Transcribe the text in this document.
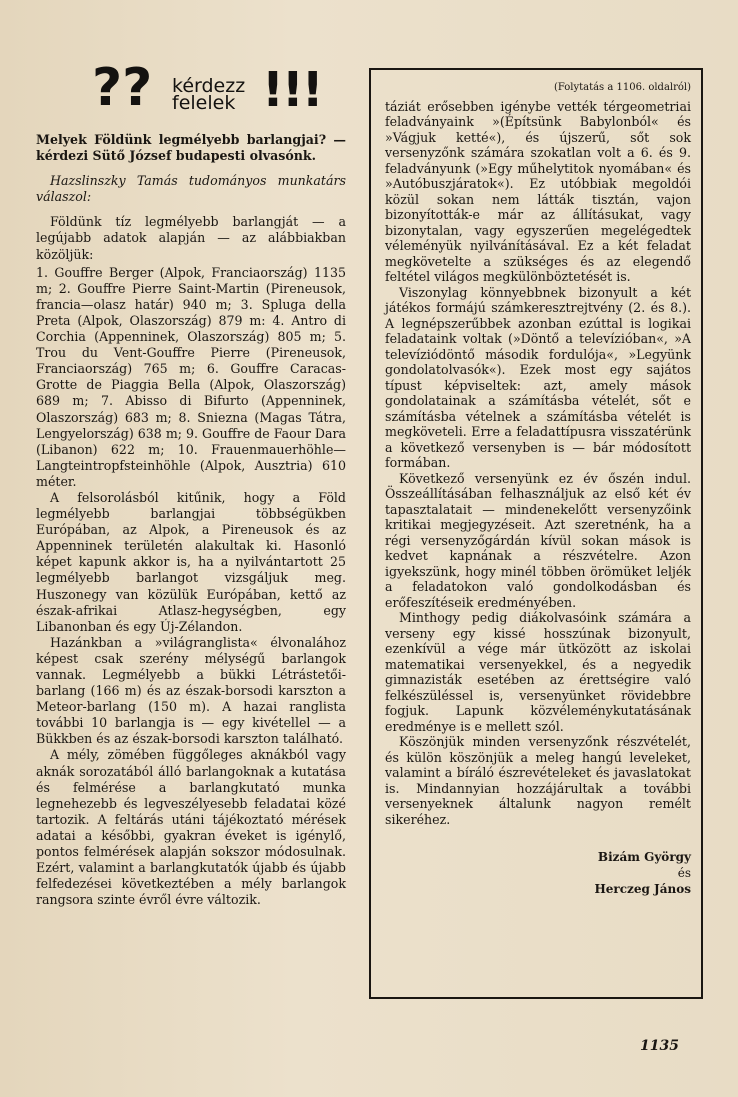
?? kérdezz
felelek !!!

Melyek Földünk legmélyebb barlangjai? — kérdezi Sütő József budapesti olvasónk.

Hazslinszky Tamás tudományos munkatárs válaszol:

Földünk tíz legmélyebb barlangját — a legújabb adatok alapján — az alábbiakban közöljük:

1. Gouffre Berger (Alpok, Franciaország) 1135 m; 2. Gouffre Pierre Saint-Martin (Pireneusok, francia—olasz határ) 940 m; 3. Spluga della Preta (Alpok, Olaszország) 879 m: 4. Antro di Corchia (Appenninek, Olaszország) 805 m; 5. Trou du Vent-Gouffre Pierre (Pireneusok, Franciaország) 765 m; 6. Gouffre Caracas-Grotte de Piaggia Bella (Alpok, Olaszország) 689 m; 7. Abisso di Bifurto (Appenninek, Olaszország) 683 m; 8. Sniezna (Magas Tátra, Lengyelország) 638 m; 9. Gouffre de Faour Dara (Libanon) 622 m; 10. Frauenmauerhöhle—Langteintropfsteinhöhle (Alpok, Ausztria) 610 méter.

A felsorolásból kitűnik, hogy a Föld legmélyebb barlangjai többségükben Európában, az Alpok, a Pireneusok és az Appenninek területén alakultak ki. Hasonló képet kapunk akkor is, ha a nyilvántartott 25 legmélyebb barlangot vizsgáljuk meg. Huszonegy van közülük Európában, kettő az észak-afrikai Atlasz-hegységben, egy Libanonban és egy Új-Zélandon.

Hazánkban a »világranglista« élvonalához képest csak szerény mélységű barlangok vannak. Legmélyebb a bükki Létrástetői-barlang (166 m) és az észak-borsodi karszton a Meteor-barlang (150 m). A hazai ranglista további 10 barlangja is — egy kivétellel — a Bükkben és az észak-borsodi karszton található.

A mély, zömében függőleges aknákból vagy aknák sorozatából álló barlangoknak a kutatása és felmérése a barlangkutató munka legnehezebb és legveszélyesebb feladatai közé tartozik. A feltárás utáni tájékoztató mérések adatai a későbbi, gyakran éveket is igénylő, pontos felmérések alapján sokszor módosulnak. Ezért, valamint a barlangkutatók újabb és újabb felfedezései következtében a mély barlangok rangsora szinte évről évre változik.

(Folytatás a 1106. oldalról)

táziát erősebben igénybe vették térgeometriai feladványaink »(Építsünk Babylonból« és »Vágjuk ketté«), és újszerű, sőt sok versenyzőnk számára szokatlan volt a 6. és 9. feladványunk (»Egy műhelytitok nyomában« és »Autóbuszjáratok«). Ez utóbbiak megoldói közül sokan nem látták tisztán, vajon bizonyították-e már az állításukat, vagy bizonytalan, vagy egyszerűen megelégedtek véleményük nyilvánításával. Ez a két feladat megkövetelte a szükséges és az elegendő feltétel világos megkülönböztetését is.

Viszonylag könnyebbnek bizonyult a két játékos formájú számkeresztrejtvény (2. és 8.). A legnépszerűbbek azonban ezúttal is logikai feladataink voltak (»Döntő a televízióban«, »A televíziódöntő második fordulója«, »Legyünk gondolatolvasók«). Ezek most egy sajátos típust képviseltek: azt, amely mások gondolatainak a számításba vételét, sőt e számításba vételnek a számításba vételét is megköveteli. Erre a feladattípusra visszatérünk a következő versenyben is — bár módosított formában.

Következő versenyünk ez év őszén indul. Összeállításában felhasználjuk az első két év tapasztalatait — mindenekelőtt versenyzőink kritikai megjegyzéseit. Azt szeretnénk, ha a régi versenyzőgárdán kívül sokan mások is kedvet kapnának a részvételre. Azon igyekszünk, hogy minél többen örömüket leljék a feladatokon való gondolkodásban és erőfeszítéseik eredményében.

Minthogy pedig diákolvasóink számára a verseny egy kissé hosszúnak bizonyult, ezenkívül a vége már ütközött az iskolai matematikai versenyekkel, és a negyedik gimnazisták esetében az érettségire való felkészüléssel is, versenyünket rövidebbre fogjuk. Lapunk közvéleménykutatásának eredménye is e mellett szól.

Köszönjük minden versenyzőnk részvételét, és külön köszönjük a meleg hangú leveleket, valamint a bíráló észrevételeket és javaslatokat is. Mindannyian hozzájárultak a további versenyeknek általunk nagyon remélt sikeréhez.

Bizám György

és

Herczeg János

1135
